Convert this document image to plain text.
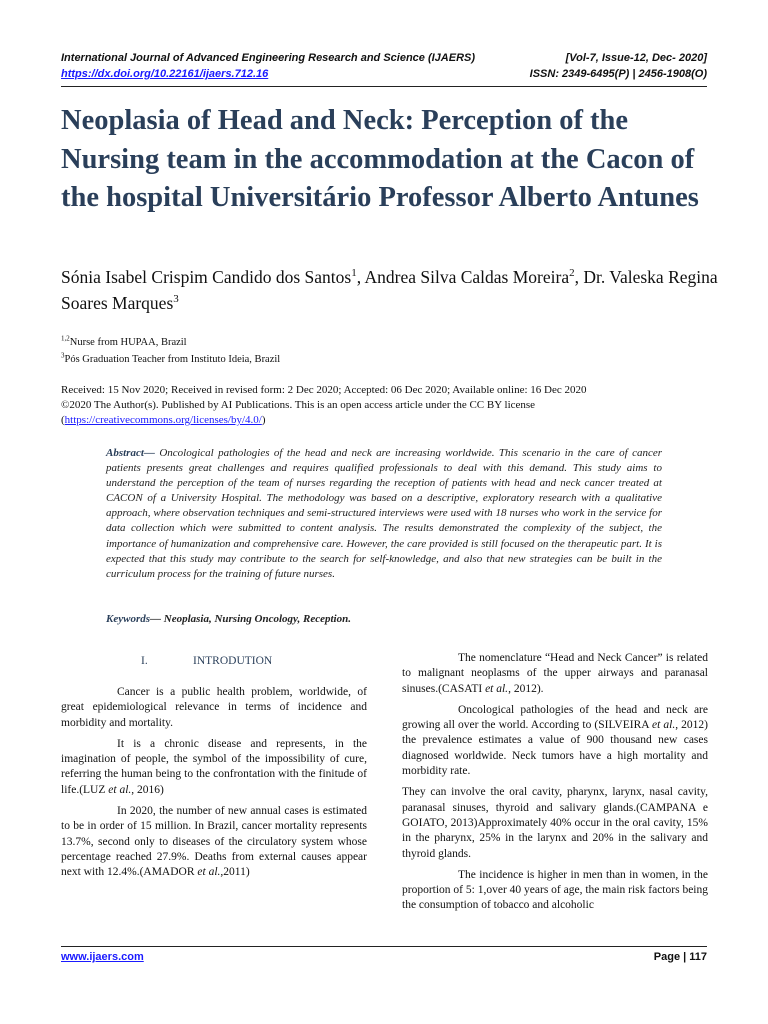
International Journal of Advanced Engineering Research and Science (IJAERS)	[Vol-7, Issue-12, Dec- 2020]
https://dx.doi.org/10.22161/ijaers.712.16	ISSN: 2349-6495(P) | 2456-1908(O)
Neoplasia of Head and Neck: Perception of the Nursing team in the accommodation at the Cacon of the hospital Universitário Professor Alberto Antunes
Sónia Isabel Crispim Candido dos Santos$^1$, Andrea Silva Caldas Moreira$^2$, Dr. Valeska Regina Soares Marques$^3$
$^{1,2}$Nurse from HUPAA, Brazil
$^3$Pós Graduation Teacher from Instituto Ideia, Brazil
Received: 15 Nov 2020; Received in revised form: 2 Dec 2020; Accepted: 06 Dec 2020; Available online: 16 Dec 2020
©2020 The Author(s). Published by AI Publications. This is an open access article under the CC BY license
(https://creativecommons.org/licenses/by/4.0/)
Abstract— Oncological pathologies of the head and neck are increasing worldwide. This scenario in the care of cancer patients presents great challenges and requires qualified professionals to deal with this demand. This study aims to understand the perception of the team of nurses regarding the reception of patients with head and neck cancer treated at CACON of a University Hospital. The methodology was based on a descriptive, exploratory research with a qualitative approach, where observation techniques and semi-structured interviews were used with 18 nurses who work in the service for data collection which were submitted to content analysis. The results demonstrated the complexity of the subject, the importance of humanization and comprehensive care. However, the care provided is still focused on the therapeutic part. It is expected that this study may contribute to the search for self-knowledge, and also that new strategies can be built in the curriculum process for the training of future nurses.
Keywords— Neoplasia, Nursing Oncology, Reception.
I.	INTRODUTION

Cancer is a public health problem, worldwide, of great epidemiological relevance in terms of incidence and morbidity and mortality.

It is a chronic disease and represents, in the imagination of people, the symbol of the impossibility of cure, referring the human being to the confrontation with the finitude of life.(LUZ et al., 2016)

In 2020, the number of new annual cases is estimated to be in order of 15 million. In Brazil, cancer mortality represents 13.7%, second only to diseases of the circulatory system whose percentage reached 27.9%. Deaths from external causes appear next with 12.4%.(AMADOR et al.,2011)

The nomenclature “Head and Neck Cancer” is related to malignant neoplasms of the upper airways and paranasal sinuses.(CASATI et al., 2012).

Oncological pathologies of the head and neck are growing all over the world. According to (SILVEIRA et al., 2012) the prevalence estimates a value of 900 thousand new cases diagnosed worldwide. Neck tumors have a high mortality and morbidity rate.

They can involve the oral cavity, pharynx, larynx, nasal cavity, paranasal sinuses, thyroid and salivary glands.(CAMPANA e GOIATO, 2013)Approximately 40% occur in the oral cavity, 15% in the pharynx, 25% in the larynx and 20% in the salivary and thyroid glands.

The incidence is higher in men than in women, in the proportion of 5: 1,over 40 years of age, the main risk factors being the consumption of tobacco and alcoholic

www.ijaers.com	Page | 117
